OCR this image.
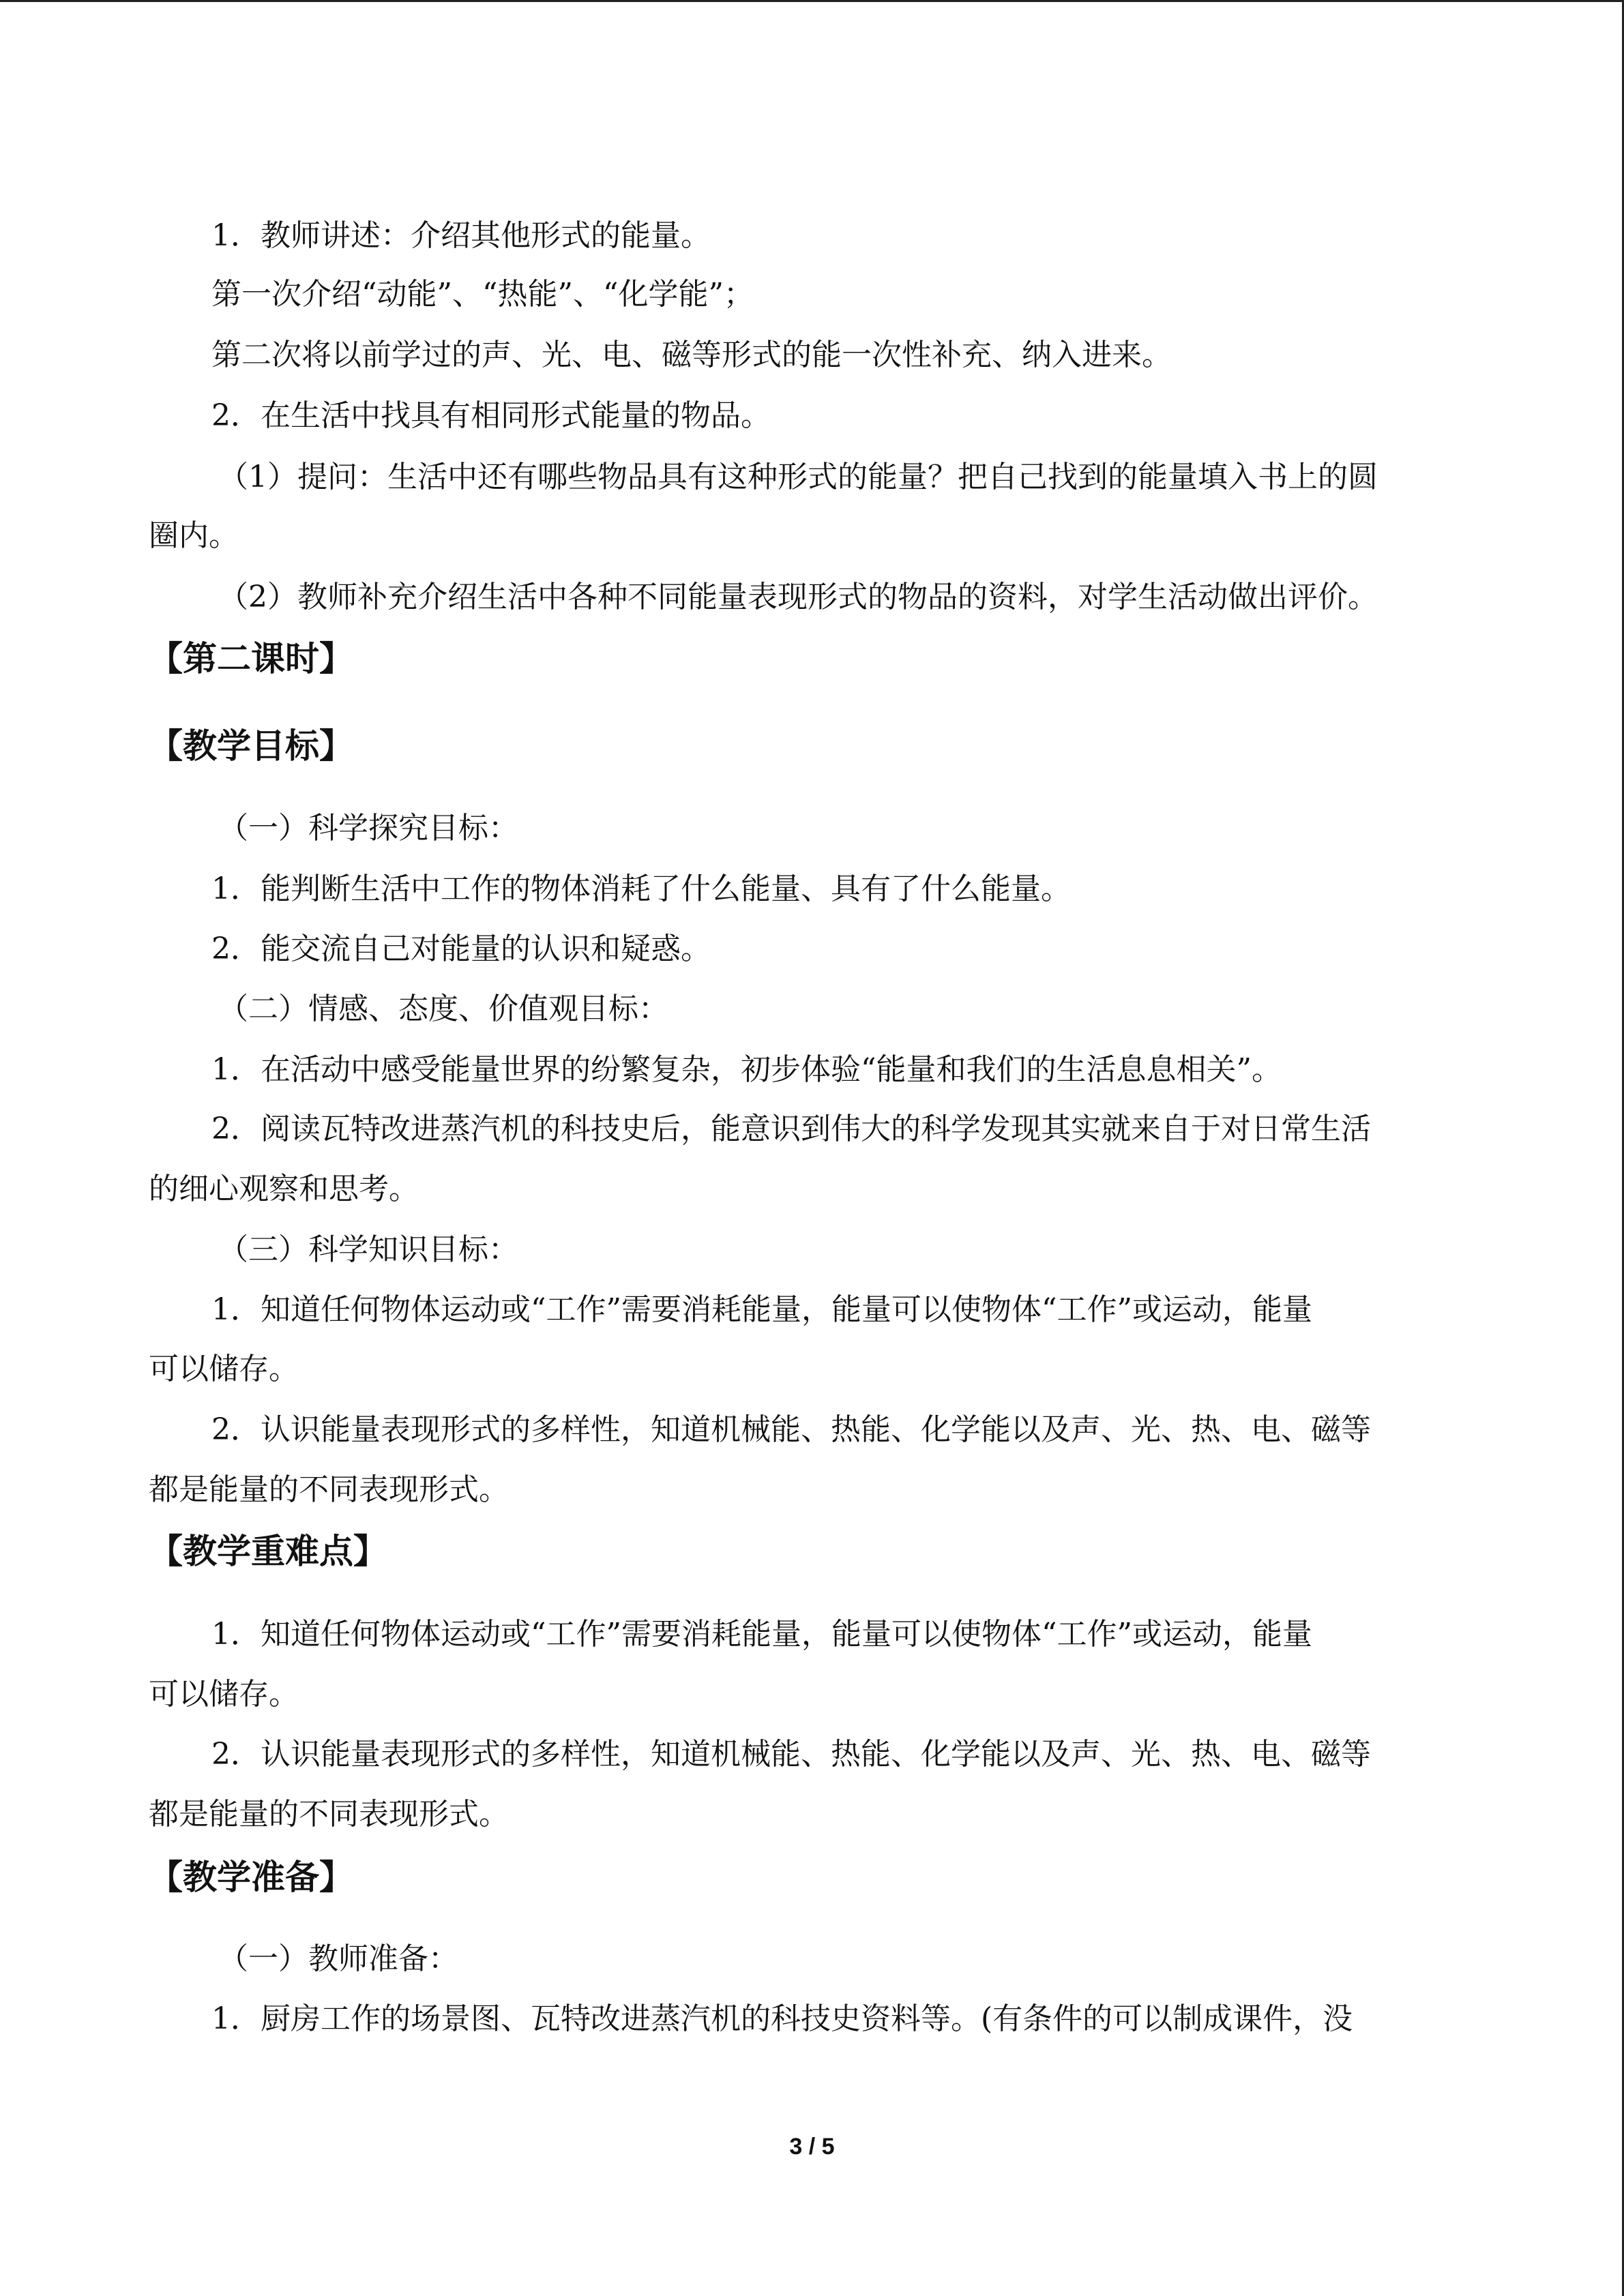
1．教师讲述：介绍其他形式的能量。
第一次介绍“动能”、“热能”、“化学能”；
第二次将以前学过的声、光、电、磁等形式的能一次性补充、纳入进来。
2．在生活中找具有相同形式能量的物品。
（1）提问：生活中还有哪些物品具有这种形式的能量？把自己找到的能量填入书上的圆
圈内。
（2）教师补充介绍生活中各种不同能量表现形式的物品的资料，对学生活动做出评价。
【第二课时】
【教学目标】
（一）科学探究目标：
1．能判断生活中工作的物体消耗了什么能量、具有了什么能量。
2．能交流自己对能量的认识和疑惑。
（二）情感、态度、价值观目标：
1．在活动中感受能量世界的纷繁复杂，初步体验“能量和我们的生活息息相关”。
2．阅读瓦特改进蒸汽机的科技史后，能意识到伟大的科学发现其实就来自于对日常生活
的细心观察和思考。
（三）科学知识目标：
1．知道任何物体运动或“工作”需要消耗能量，能量可以使物体“工作”或运动，能量
可以储存。
2．认识能量表现形式的多样性，知道机械能、热能、化学能以及声、光、热、电、磁等
都是能量的不同表现形式。
【教学重难点】
1．知道任何物体运动或“工作”需要消耗能量，能量可以使物体“工作”或运动，能量
可以储存。
2．认识能量表现形式的多样性，知道机械能、热能、化学能以及声、光、热、电、磁等
都是能量的不同表现形式。
【教学准备】
（一）教师准备：
1．厨房工作的场景图、瓦特改进蒸汽机的科技史资料等。(有条件的可以制成课件，没
3 / 5
